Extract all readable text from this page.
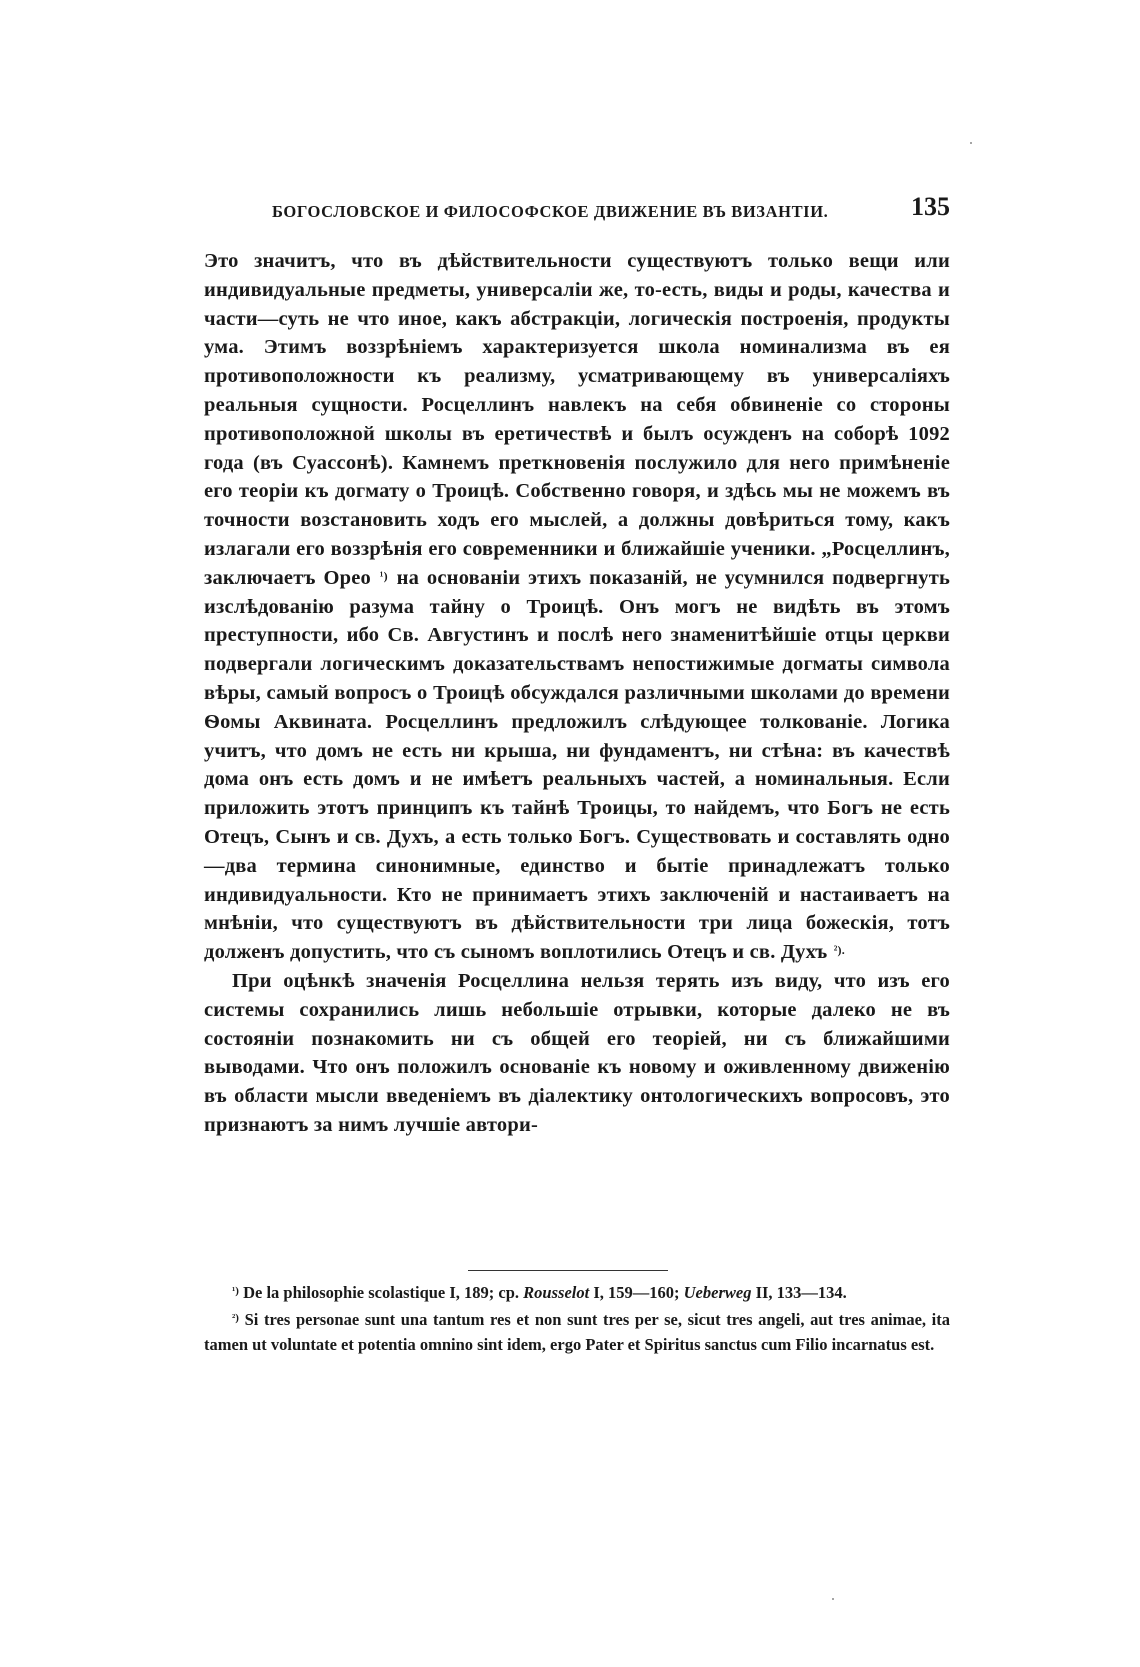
БОГОСЛОВСКОЕ И ФИЛОСОФСКОЕ ДВИЖЕНИЕ ВЪ ВИЗАНТІИ.	135

Это значитъ, что въ дѣйствительности существуютъ только вещи или индивидуальные предметы, универсаліи же, то-есть, виды и роды, качества и части—суть не что иное, какъ абстракціи, логическія построенія, продукты ума. Этимъ воззрѣніемъ характеризуется школа номинализма въ ея противоположности къ реализму, усматривающему въ универсаліяхъ реальныя сущности. Росцеллинъ навлекъ на себя обвиненіе со стороны противоположной школы въ еретичествѣ и былъ осужденъ на соборѣ 1092 года (въ Суассонѣ). Камнемъ преткновенія послужило для него примѣненіе его теоріи къ догмату о Троицѣ. Собственно говоря, и здѣсь мы не можемъ въ точности возстановить ходъ его мыслей, а должны довѣриться тому, какъ излагали его воззрѣнія его современники и ближайшіе ученики. „Росцеллинъ, заключаетъ Орео $^{^1)}$ на основаніи этихъ показаній, не усумнился подвергнуть изслѣдованію разума тайну о Троицѣ. Онъ могъ не видѣть въ этомъ преступности, ибо Св. Августинъ и послѣ него знаменитѣйшіе отцы церкви подвергали логическимъ доказательствамъ непостижимые догматы символа вѣры, самый вопросъ о Троицѣ обсуждался различными школами до времени Ѳомы Аквината. Росцеллинъ предложилъ слѣдующее толкованіе. Логика учитъ, что домъ не есть ни крыша, ни фундаментъ, ни стѣна: въ качествѣ дома онъ есть домъ и не имѣетъ реальныхъ частей, а номинальныя. Если приложить этотъ принципъ къ тайнѣ Троицы, то найдемъ, что Богъ не есть Отецъ, Сынъ и св. Духъ, а есть только Богъ. Существовать и составлять одно—два термина синонимные, единство и бытіе принадлежатъ только индивидуальности. Кто не принимаетъ этихъ заключеній и настаиваетъ на мнѣніи, что существуютъ въ дѣйствительности три лица божескія, тотъ долженъ допустить, что съ сыномъ воплотились Отецъ и св. Духъ $^{^2).}$

При оцѣнкѣ значенія Росцеллина нельзя терять изъ виду, что изъ его системы сохранились лишь небольшіе отрывки, которые далеко не въ состояніи познакомить ни съ общей его теоріей, ни съ ближайшими выводами. Что онъ положилъ основаніе къ новому и оживленному движенію въ области мысли введеніемъ въ діалектику онтологическихъ вопросовъ, это признаютъ за нимъ лучшіе автори-

$^{^1)}$ De la philosophie scolastique I, 189; cp. Rousselot I, 159—160; Ueberweg II, 133—134.

$^{^2)}$ Si tres personae sunt una tantum res et non sunt tres per se, sicut tres angeli, aut tres animae, ita tamen ut voluntate et potentia omnino sint idem, ergo Pater et Spiritus sanctus cum Filio incarnatus est.
